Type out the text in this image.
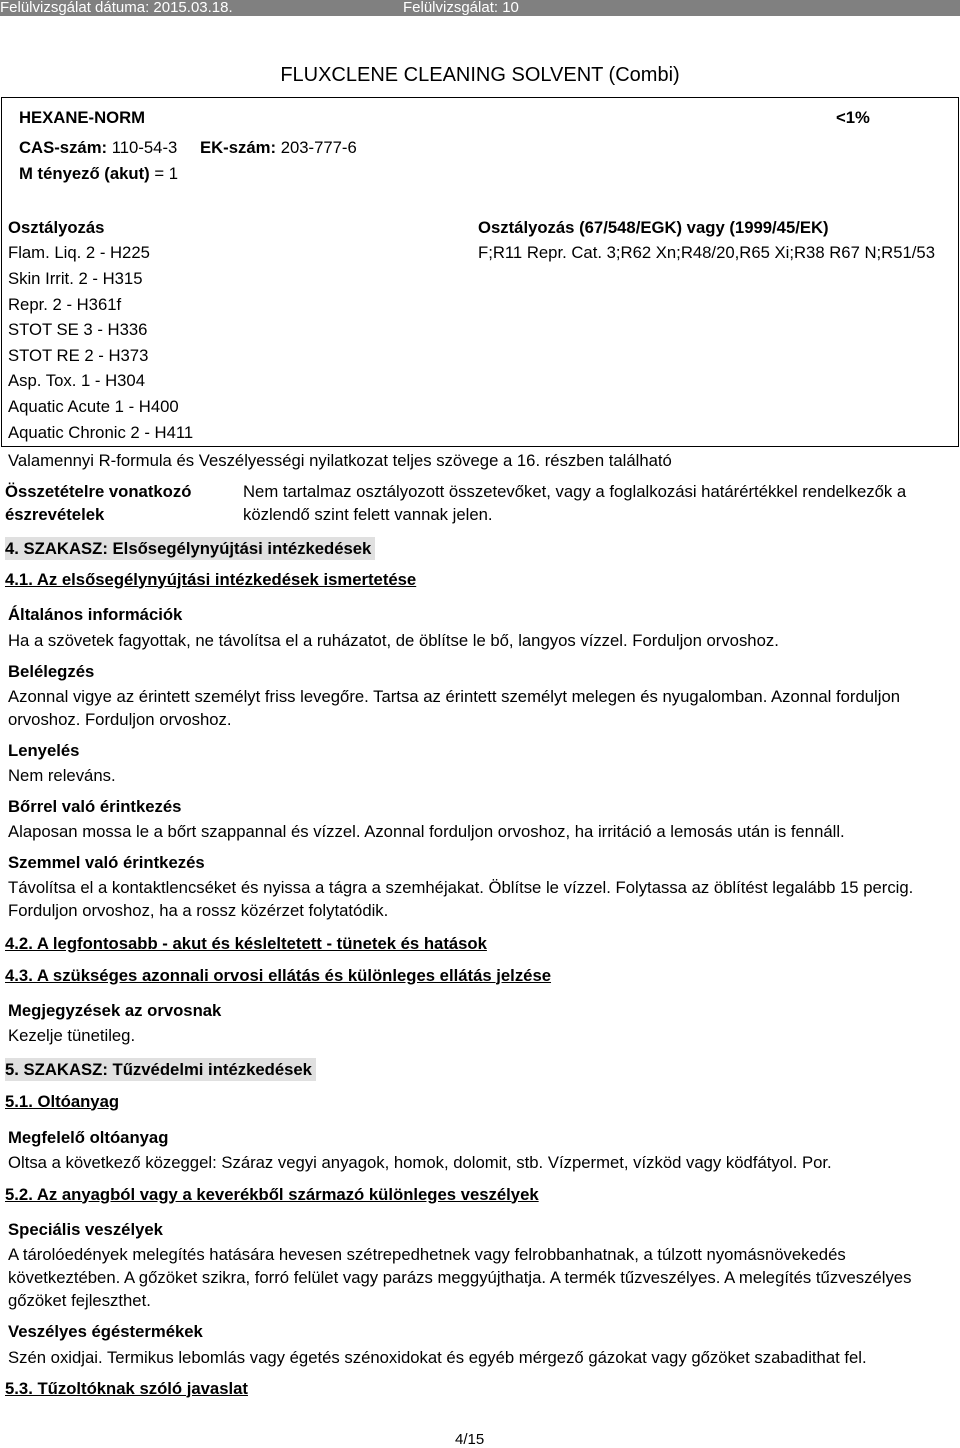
Felülvizsgálat dátuma: 2015.03.18.	Felülvizsgálat: 10
FLUXCLENE CLEANING SOLVENT (Combi)
HEXANE-NORM	<1%
CAS-szám: 110-54-3 EK-szám: 203-777-6
M tényező (akut) = 1
Osztályozás
Flam. Liq. 2 - H225
Skin Irrit. 2 - H315
Repr. 2 - H361f
STOT SE 3 - H336
STOT RE 2 - H373
Asp. Tox. 1 - H304
Aquatic Acute 1 - H400
Aquatic Chronic 2 - H411
Osztályozás (67/548/EGK) vagy (1999/45/EK)
F;R11 Repr. Cat. 3;R62 Xn;R48/20,R65 Xi;R38 R67 N;R51/53
Valamennyi R-formula és Veszélyességi nyilatkozat teljes szövege a 16. részben található
Összetételre vonatkozó észrevételek
Nem tartalmaz osztályozott összetevőket, vagy a foglalkozási határértékkel rendelkezők a közlendő szint felett vannak jelen.
4. SZAKASZ: Elsősegélynyújtási intézkedések
4.1. Az elsősegélynyújtási intézkedések ismertetése
Általános információk
Ha a szövetek fagyottak, ne távolítsa el a ruházatot, de öblítse le bő, langyos vízzel. Forduljon orvoshoz.
Belélegzés
Azonnal vigye az érintett személyt friss levegőre. Tartsa az érintett személyt melegen és nyugalomban. Azonnal forduljon orvoshoz. Forduljon orvoshoz.
Lenyelés
Nem releváns.
Bőrrel való érintkezés
Alaposan mossa le a bőrt szappannal és vízzel. Azonnal forduljon orvoshoz, ha irritáció a lemosás után is fennáll.
Szemmel való érintkezés
Távolítsa el a kontaktlencséket és nyissa a tágra a szemhéjakat. Öblítse le vízzel. Folytassa az öblítést legalább 15 percig. Forduljon orvoshoz, ha a rossz közérzet folytatódik.
4.2. A legfontosabb - akut és késleltetett - tünetek és hatások
4.3. A szükséges azonnali orvosi ellátás és különleges ellátás jelzése
Megjegyzések az orvosnak
Kezelje tünetileg.
5. SZAKASZ: Tűzvédelmi intézkedések
5.1. Oltóanyag
Megfelelő oltóanyag
Oltsa a következő közeggel: Száraz vegyi anyagok, homok, dolomit, stb. Vízpermet, vízköd vagy ködfátyol. Por.
5.2. Az anyagból vagy a keverékből származó különleges veszélyek
Speciális veszélyek
A tárolóedények melegítés hatására hevesen szétrepedhetnek vagy felrobbanhatnak, a túlzott nyomásnövekedés következtében. A gőzöket szikra, forró felület vagy parázs meggyújthatja. A termék tűzveszélyes. A melegítés tűzveszélyes gőzöket fejleszthet.
Veszélyes égéstermékek
Szén oxidjai. Termikus lebomlás vagy égetés szénoxidokat és egyéb mérgező gázokat vagy gőzöket szabadithat fel.
5.3. Tűzoltóknak szóló javaslat
4/15
